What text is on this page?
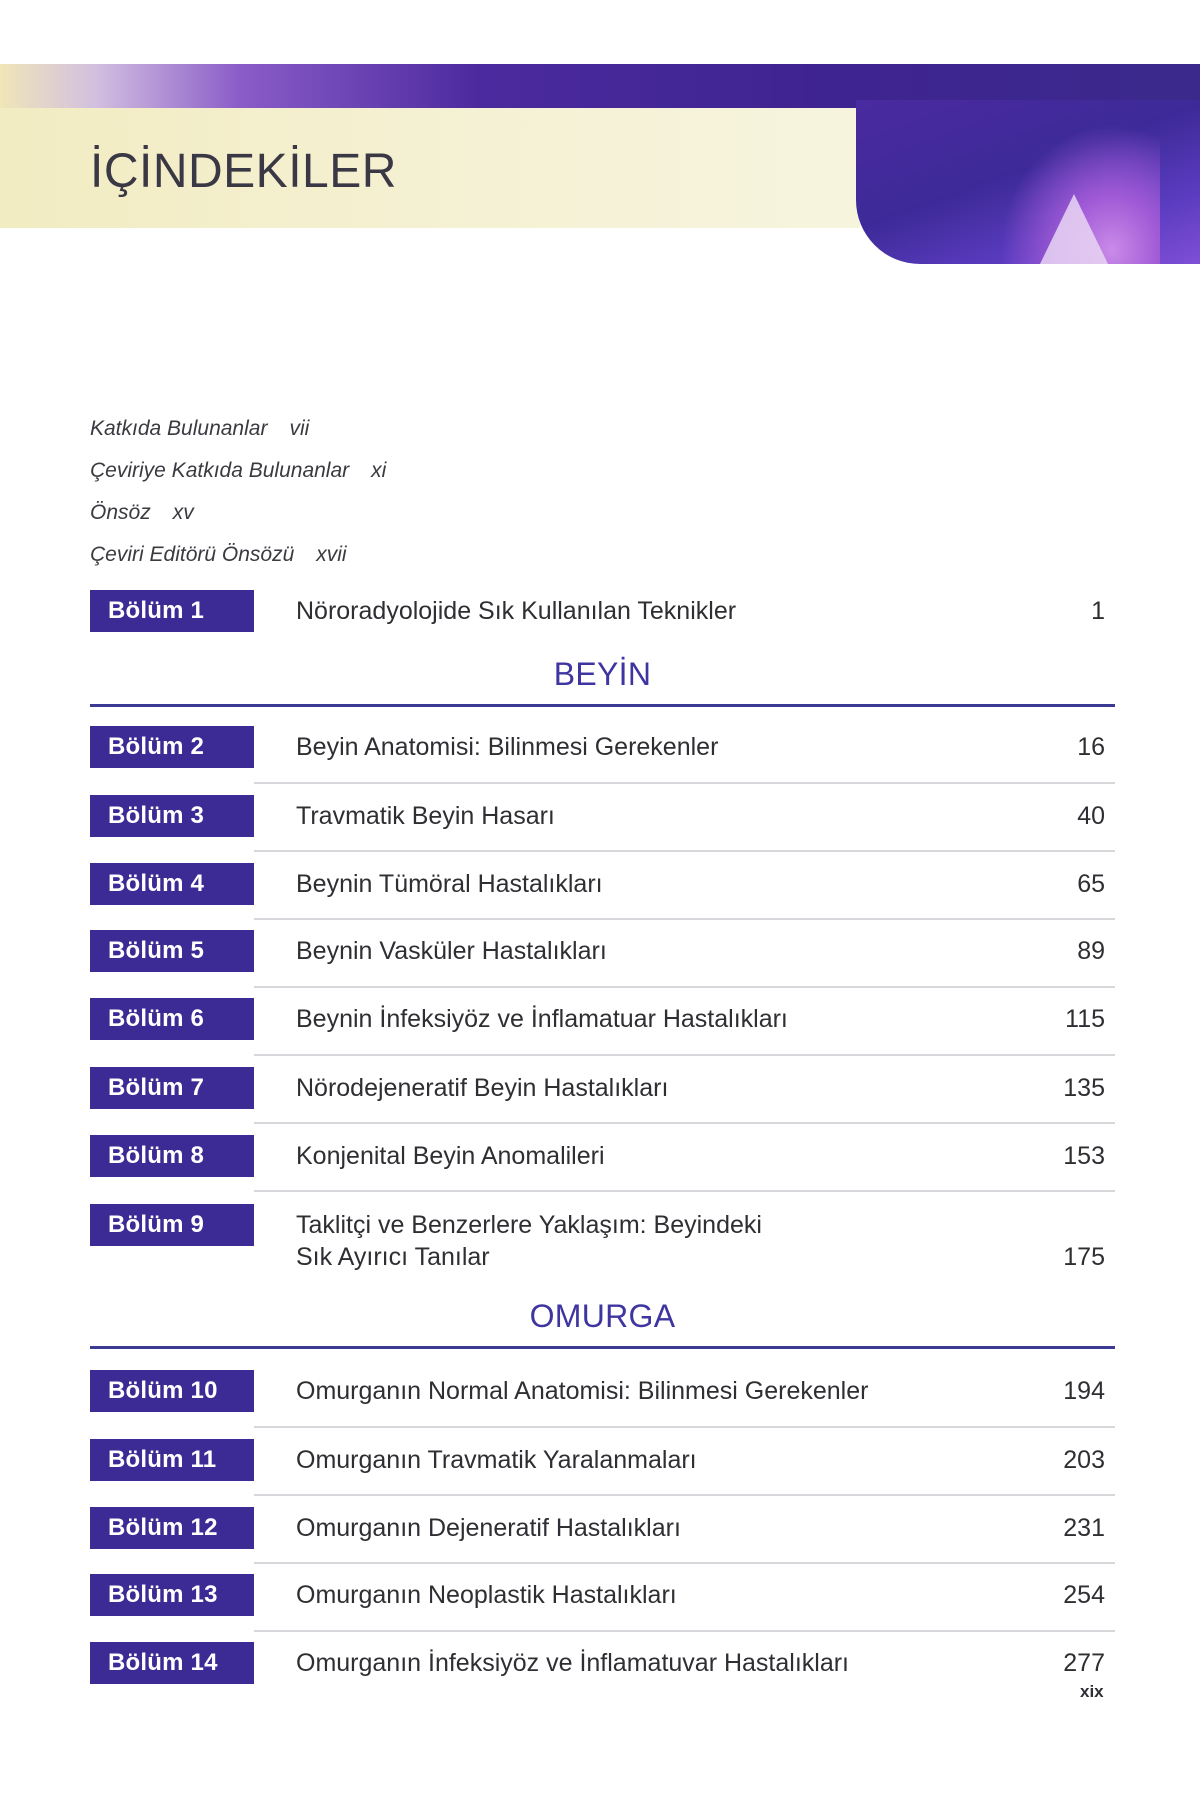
İÇİNDEKİLER
Katkıda Bulunanlar vii
Çeviriye Katkıda Bulunanlar xi
Önsöz xv
Çeviri Editörü Önsözü xvii
Bölüm 1	Nöroradyolojide Sık Kullanılan Teknikler	1
BEYİN
Bölüm 2	Beyin Anatomisi: Bilinmesi Gerekenler	16
Bölüm 3	Travmatik Beyin Hasarı	40
Bölüm 4	Beynin Tümöral Hastalıkları	65
Bölüm 5	Beynin Vasküler Hastalıkları	89
Bölüm 6	Beynin İnfeksiyöz ve İnflamatuar Hastalıkları	115
Bölüm 7	Nörodejeneratif Beyin Hastalıkları	135
Bölüm 8	Konjenital Beyin Anomalileri	153
Bölüm 9	Taklitçi ve Benzerlere Yaklaşım: Beyindeki
Sık Ayırıcı Tanılar	175
OMURGA
Bölüm 10	Omurganın Normal Anatomisi: Bilinmesi Gerekenler	194
Bölüm 11	Omurganın Travmatik Yaralanmaları	203
Bölüm 12	Omurganın Dejeneratif Hastalıkları	231
Bölüm 13	Omurganın Neoplastik Hastalıkları	254
Bölüm 14	Omurganın İnfeksiyöz ve İnflamatuvar Hastalıkları	277
xix
